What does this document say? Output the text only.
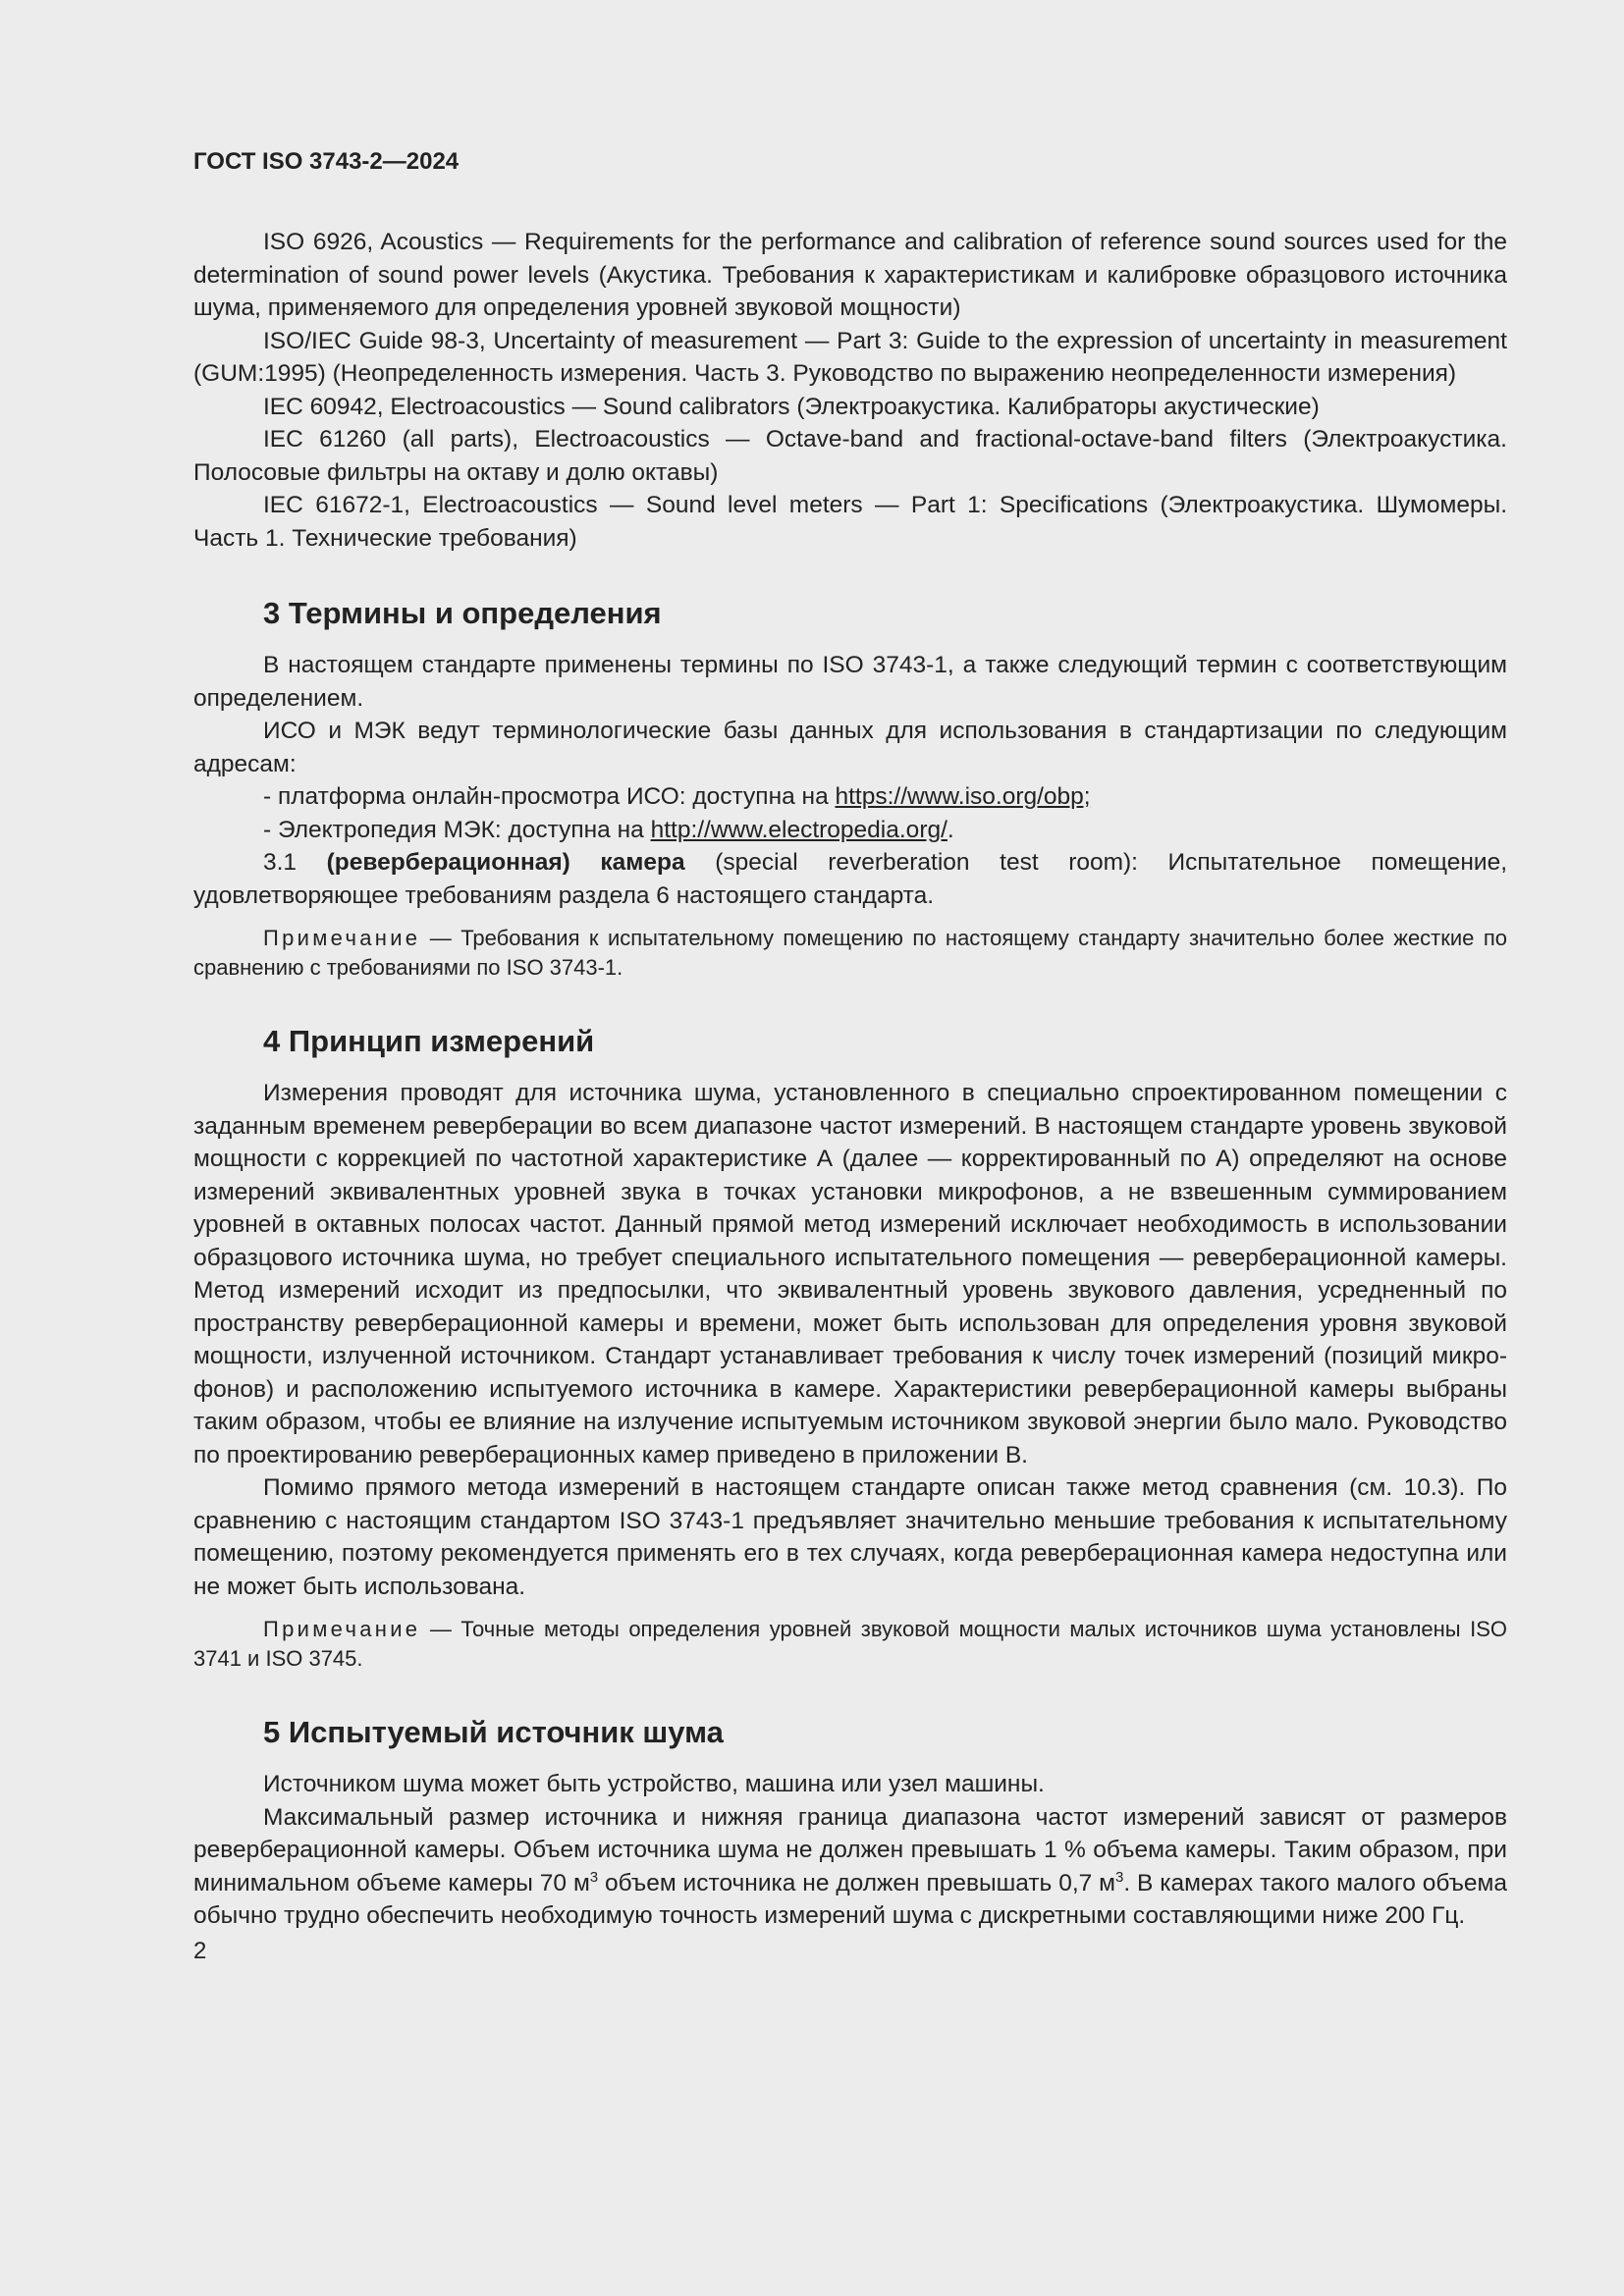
ГОСТ ISO 3743-2—2024

ISO 6926, Acoustics — Requirements for the performance and calibration of reference sound sources used for the determination of sound power levels (Акустика. Требования к характеристикам и калибровке образцового источника шума, применяемого для определения уровней звуковой мощности)

ISO/IEC Guide 98-3, Uncertainty of measurement — Part 3: Guide to the expression of uncertainty in measurement (GUM:1995) (Неопределенность измерения. Часть 3. Руководство по выражению неопределенности измерения)

IEC 60942, Electroacoustics — Sound calibrators (Электроакустика. Калибраторы акустические)

IEC 61260 (all parts), Electroacoustics — Octave-band and fractional-octave-band filters (Электроакустика. Полосовые фильтры на октаву и долю октавы)

IEC 61672-1, Electroacoustics — Sound level meters — Part 1: Specifications (Электроакустика. Шумомеры. Часть 1. Технические требования)

3 Термины и определения

В настоящем стандарте применены термины по ISO 3743-1, а также следующий термин с соответствующим определением.

ИСО и МЭК ведут терминологические базы данных для использования в стандартизации по следующим адресам:

- платформа онлайн-просмотра ИСО: доступна на https://www.iso.org/obp;

- Электропедия МЭК: доступна на http://www.electropedia.org/.

3.1 (реверберационная) камера (special reverberation test room): Испытательное помещение, удовлетворяющее требованиям раздела 6 настоящего стандарта.

Примечание — Требования к испытательному помещению по настоящему стандарту значительно более жесткие по сравнению с требованиями по ISO 3743-1.
4 Принцип измерений

Измерения проводят для источника шума, установленного в специально спроектированном помещении с заданным временем реверберации во всем диапазоне частот измерений. В настоящем стандарте уровень звуковой мощности с коррекцией по частотной характеристике А (далее — корректированный по А) определяют на основе измерений эквивалентных уровней звука в точках установки микрофонов, а не взвешенным суммированием уровней в октавных полосах частот. Данный прямой метод измерений исключает необходимость в использовании образцового источника шума, но требует специального испытательного помещения — реверберационной камеры. Метод измерений исходит из предпосылки, что эквивалентный уровень звукового давления, усредненный по пространству реверберационной камеры и времени, может быть использован для определения уровня звуковой мощности, излученной источником. Стандарт устанавливает требования к числу точек измерений (позиций микрофонов) и расположению испытуемого источника в камере. Характеристики реверберационной камеры выбраны таким образом, чтобы ее влияние на излучение испытуемым источником звуковой энергии было мало. Руководство по проектированию реверберационных камер приведено в приложении В.

Помимо прямого метода измерений в настоящем стандарте описан также метод сравнения (см. 10.3). По сравнению с настоящим стандартом ISO 3743-1 предъявляет значительно меньшие требования к испытательному помещению, поэтому рекомендуется применять его в тех случаях, когда реверберационная камера недоступна или не может быть использована.

Примечание — Точные методы определения уровней звуковой мощности малых источников шума установлены ISO 3741 и ISO 3745.
5 Испытуемый источник шума

Источником шума может быть устройство, машина или узел машины.

Максимальный размер источника и нижняя граница диапазона частот измерений зависят от размеров реверберационной камеры. Объем источника шума не должен превышать 1 % объема камеры. Таким образом, при минимальном объеме камеры 70 $м^3$ объем источника не должен превышать 0,7 $м^3$. В камерах такого малого объема обычно трудно обеспечить необходимую точность измерений шума с дискретными составляющими ниже 200 Гц.

2
